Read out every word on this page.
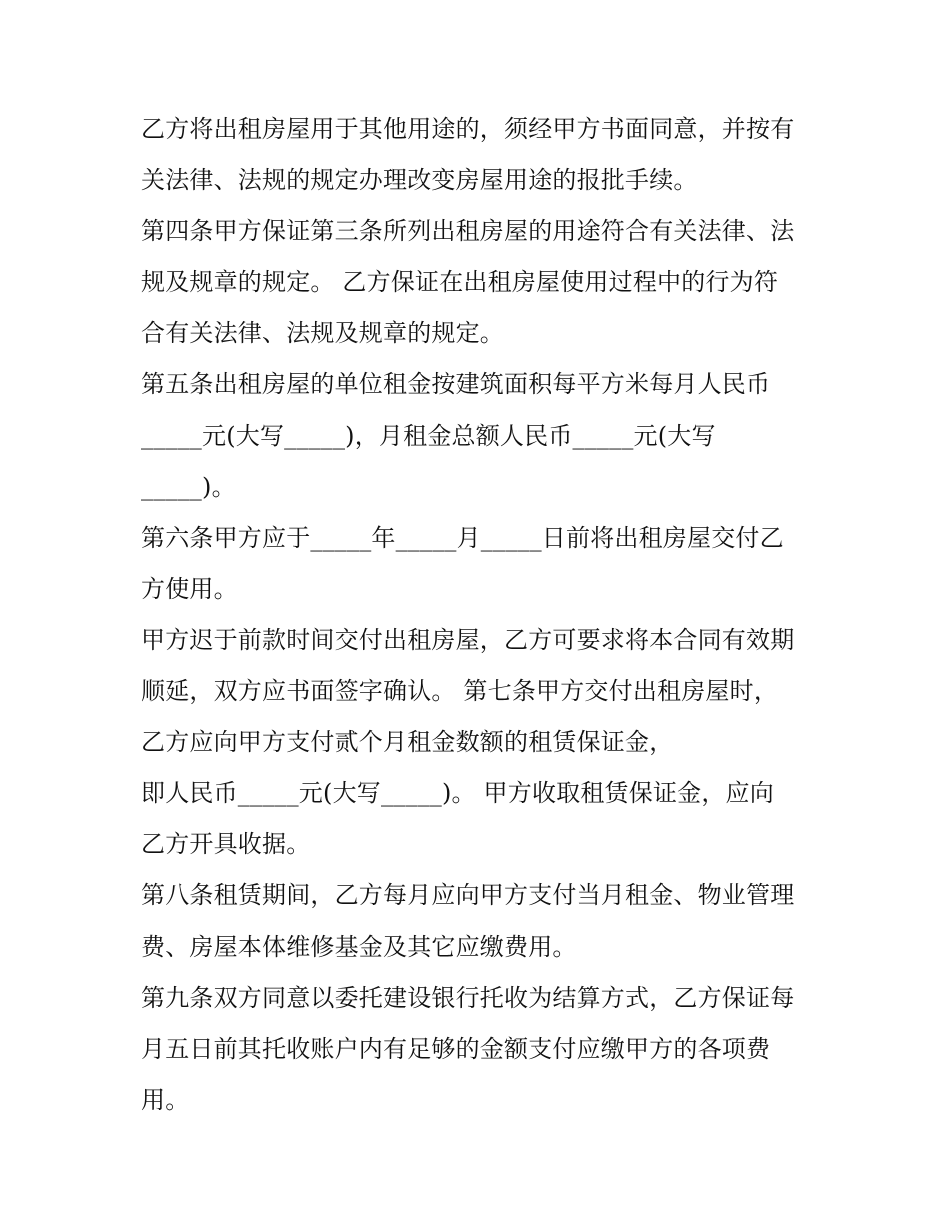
乙方将出租房屋用于其他用途的，须经甲方书面同意，并按有

关法律、法规的规定办理改变房屋用途的报批手续。

第四条甲方保证第三条所列出租房屋的用途符合有关法律、法

规及规章的规定。 乙方保证在出租房屋使用过程中的行为符

合有关法律、法规及规章的规定。

第五条出租房屋的单位租金按建筑面积每平方米每月人民币

_____元(大写_____)，月租金总额人民币_____元(大写

_____)。

第六条甲方应于_____年_____月_____日前将出租房屋交付乙

方使用。

甲方迟于前款时间交付出租房屋，乙方可要求将本合同有效期

顺延，双方应书面签字确认。 第七条甲方交付出租房屋时，

乙方应向甲方支付贰个月租金数额的租赁保证金，

即人民币_____元(大写_____)。 甲方收取租赁保证金，应向

乙方开具收据。

第八条租赁期间，乙方每月应向甲方支付当月租金、物业管理

费、房屋本体维修基金及其它应缴费用。

第九条双方同意以委托建设银行托收为结算方式，乙方保证每

月五日前其托收账户内有足够的金额支付应缴甲方的各项费

用。
